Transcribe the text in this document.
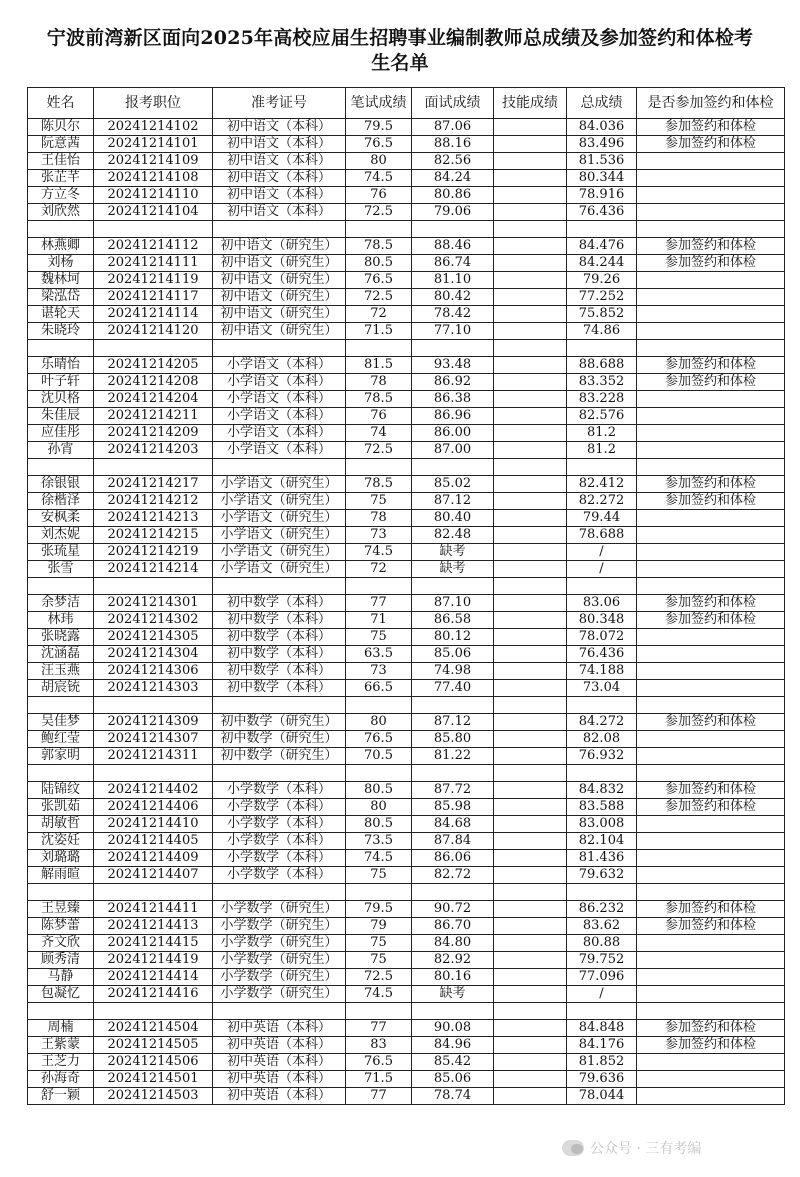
宁波前湾新区面向2025年高校应届生招聘事业编制教师总成绩及参加签约和体检考
生名单
姓名	报考职位	准考证号	笔试成绩	面试成绩	技能成绩	总成绩	是否参加签约和体检
陈贝尔	20241214102	初中语文（本科）	79.5	87.06		84.036	参加签约和体检
阮意茜	20241214101	初中语文（本科）	76.5	88.16		83.496	参加签约和体检
王佳怡	20241214109	初中语文（本科）	80	82.56		81.536	
张芷芊	20241214108	初中语文（本科）	74.5	84.24		80.344	
方立冬	20241214110	初中语文（本科）	76	80.86		78.916	
刘欣然	20241214104	初中语文（本科）	72.5	79.06		76.436	

林燕卿	20241214112	初中语文（研究生）	78.5	88.46		84.476	参加签约和体检
刘杨	20241214111	初中语文（研究生）	80.5	86.74		84.244	参加签约和体检
魏林坷	20241214119	初中语文（研究生）	76.5	81.10		79.26	
梁泓岱	20241214117	初中语文（研究生）	72.5	80.42		77.252	
谌轮天	20241214114	初中语文（研究生）	72	78.42		75.852	
朱晓玲	20241214120	初中语文（研究生）	71.5	77.10		74.86	

乐晴怡	20241214205	小学语文（本科）	81.5	93.48		88.688	参加签约和体检
叶子轩	20241214208	小学语文（本科）	78	86.92		83.352	参加签约和体检
沈贝格	20241214204	小学语文（本科）	78.5	86.38		83.228	
朱佳辰	20241214211	小学语文（本科）	76	86.96		82.576	
应佳彤	20241214209	小学语文（本科）	74	86.00		81.2	
孙宵	20241214203	小学语文（本科）	72.5	87.00		81.2	

徐银银	20241214217	小学语文（研究生）	78.5	85.02		82.412	参加签约和体检
徐楷泽	20241214212	小学语文（研究生）	75	87.12		82.272	参加签约和体检
安枫柔	20241214213	小学语文（研究生）	78	80.40		79.44	
刘杰妮	20241214215	小学语文（研究生）	73	82.48		78.688	
张琉星	20241214219	小学语文（研究生）	74.5	缺考		/	
张雪	20241214214	小学语文（研究生）	72	缺考		/	

余梦洁	20241214301	初中数学（本科）	77	87.10		83.06	参加签约和体检
林玮	20241214302	初中数学（本科）	71	86.58		80.348	参加签约和体检
张晓露	20241214305	初中数学（本科）	75	80.12		78.072	
沈涵磊	20241214304	初中数学（本科）	63.5	85.06		76.436	
汪玉燕	20241214306	初中数学（本科）	73	74.98		74.188	
胡宸铳	20241214303	初中数学（本科）	66.5	77.40		73.04	

吴佳梦	20241214309	初中数学（研究生）	80	87.12		84.272	参加签约和体检
鲍红莹	20241214307	初中数学（研究生）	76.5	85.80		82.08	
郭家明	20241214311	初中数学（研究生）	70.5	81.22		76.932	

陆锦纹	20241214402	小学数学（本科）	80.5	87.72		84.832	参加签约和体检
张凯茹	20241214406	小学数学（本科）	80	85.98		83.588	参加签约和体检
胡敏哲	20241214410	小学数学（本科）	80.5	84.68		83.008	
沈姿妊	20241214405	小学数学（本科）	73.5	87.84		82.104	
刘璐璐	20241214409	小学数学（本科）	74.5	86.06		81.436	
解雨暄	20241214407	小学数学（本科）	75	82.72		79.632	

王昱臻	20241214411	小学数学（研究生）	79.5	90.72		86.232	参加签约和体检
陈梦蕾	20241214413	小学数学（研究生）	79	86.70		83.62	参加签约和体检
齐文欣	20241214415	小学数学（研究生）	75	84.80		80.88	
顾秀清	20241214419	小学数学（研究生）	75	82.92		79.752	
马静	20241214414	小学数学（研究生）	72.5	80.16		77.096	
包凝忆	20241214416	小学数学（研究生）	74.5	缺考		/	

周楠	20241214504	初中英语（本科）	77	90.08		84.848	参加签约和体检
王紫蒙	20241214505	初中英语（本科）	83	84.96		84.176	参加签约和体检
王芝力	20241214506	初中英语（本科）	76.5	85.42		81.852	
孙海奇	20241214501	初中英语（本科）	71.5	85.06		79.636	
舒一颖	20241214503	初中英语（本科）	77	78.74		78.044	
公众号 · 三有考编
